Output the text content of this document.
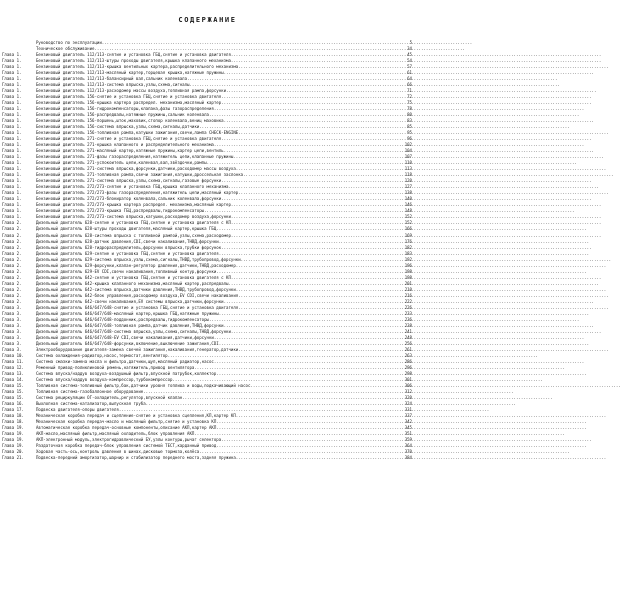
СОДЕРЖАНИЕ
Руководство по эксплуатации .....	5
Техническое обслуживание .....	34
Глава 1.	Бензиновый двигатель 112/113-снятие и установка ГБЦ,снятие и установка двигателя .....	45
Глава 1.	Бензиновый двигатель 112/113-штуры проходы двигателя,крышка клапанного механизма .....	54
Глава 1.	Бензиновый двигатель 112/113-крышка вентильных картера,распределительного механизма .....	57
Глава 1.	Бензиновый двигатель 112/113-масляный картер,торцевая крышка,натяжные пружины .....	61
Глава 1.	Бензиновый двигатель 112/113-балансирный вал,сальник коленвала .....	64
Глава 1.	Бензиновый двигатель 112/113-система впрыска,узлы,схема,сигналы .....	66
Глава 1.	Бензиновый двигатель 112/113-расходомер массы воздуха,топливная рампа,форсунки .....	71
Глава 1.	Бензиновый двигатель 156-снятие и установка ГБЦ,снятие и установка двигателя .....	72
Глава 1.	Бензиновый двигатель 156-крышка картера распредел. механизма,масляный картер .....	75
Глава 1.	Бензиновый двигатель 156-гидрокомпенсаторы,клапана,фазы газораспределения .....	78
Глава 1.	Бензиновый двигатель 156-распредвалы,натяжные пружины,сальник коленвала .....	80
Глава 1.	Бензиновый двигатель 156-поршень,шток,маховик,стопор коленвала,вениц маховика .....	83
Глава 1.	Бензиновый двигатель 156-система впрыска,узлы,схема,сигналы,датчики .....	85
Глава 1.	Бензиновый двигатель 156-топливная рампа,катушки зажигания,свечи,лампа CHECK-ENGINE .....	95
Глава 1.	Бензиновый двигатель 271-снятие и установка ГБЦ,снятие и установка двигателя .....	96
Глава 1.	Бензиновый двигатель 271-крышка клапанного и распределительного механизма .....	102
Глава 1.	Бензиновый двигатель 271-масляный картер,натяжные пружины,картер цепи,вентиль .....	104
Глава 1.	Бензиновый двигатель 271-фазы газораспределения,натяжитель цепи,клапанные пружины .....	107
Глава 1.	Бензиновый двигатель 271-успокоитель цепи,коленвал,вал,звёздочки,рампы .....	110
Глава 1.	Бензиновый двигатель 271-система впрыска,форсунки,датчики,расходомер массы воздуха .....	113
Глава 1.	Бензиновый двигатель 271-топливная рампа,свечи зажигания,катушки,дроссельная заслонка .....	118
Глава 1.	Бензиновый двигатель 271-система впрыска,узлы,схема,сигналы,газовые форсунки .....	120
Глава 1.	Бензиновый двигатель 272/273-снятие и установка ГБЦ,крышка клапанного механизма .....	127
Глава 1.	Бензиновый двигатель 272/273-фазы газораспределения,натяжитель цепи,масляный картер .....	138
Глава 1.	Бензиновый двигатель 272/273-блокиратор коленвала,сальник коленвала,форсунки .....	140
Глава 1.	Бензиновый двигатель 272/273-крышка картера распредел. механизма,масляный картер .....	146
Глава 1.	Бензиновый двигатель 272/273-крышка ГБЦ,распредвалы,гидрокомпенсаторы .....	148
Глава 1.	Бензиновый двигатель 272/273-система впрыска,катушки,расходомер воздуха,форсунки .....	152
Глава 2.	Дизельный двигатель 628-снятие и установка ГБЦ,снятие и установка двигателя с КП .....	152
Глава 2.	Дизельный двигатель 628-штуры проходы двигателя,масляный картер,крышка ГБЦ .....	166
Глава 2.	Дизельный двигатель 628-система впрыска с топливной рампой,узлы,схема,расходомер .....	169
Глава 2.	Дизельный двигатель 628-датчик давления,CDI,свечи накаливания,ТНВД,форсунки .....	176
Глава 2.	Дизельный двигатель 628-гидрораспределитель,форсунки впрыска,трубки форсунок .....	182
Глава 2.	Дизельный двигатель 629-снятие и установка ГБЦ,снятие и установка двигателя .....	183
Глава 2.	Дизельный двигатель 629-система впрыска,узлы,схема,сигналы,ТНВД,трубопровод,форсунки .....	192
Глава 2.	Дизельный двигатель 629-форсунки,клапан-регулятор давления,датчики,ТНВД,расходомер .....	196
Глава 2.	Дизельный двигатель 629-EV CDI,свечи накаливания,топливный контур,форсунки .....	198
Глава 2.	Дизельный двигатель 642-снятие и установка ГБЦ,снятие и установка двигателя с КП .....	198
Глава 2.	Дизельный двигатель 642-крышка клапанного механизма,масляный картер,распредвалы .....	201
Глава 2.	Дизельный двигатель 642-система впрыска,датчики давления,ТНВД,трубопровод,форсунки .....	210
Глава 2.	Дизельный двигатель 642-блок управления,расходомер воздуха,EV CDI,свечи накаливания .....	216
Глава 2.	Дизельный двигатель 642-свечи накаливания,EV системы впрыска,датчики,форсунки .....	222
Глава 3.	Дизельный двигатель 646/647/648-снятие и установка ГБЦ,снятие и установка двигателя .....	226
Глава 3.	Дизельный двигатель 646/647/648-масляный картер,крышка ГБЦ,натяжные пружины .....	233
Глава 3.	Дизельный двигатель 646/647/648-поддонник,распредвалы,гидрокомпенсаторы .....	236
Глава 3.	Дизельный двигатель 646/647/648-топливная рампа,датчик давления,ТНВД,форсунки .....	238
Глава 3.	Дизельный двигатель 646/647/648-система впрыска,узлы,схема,сигналы,ТНВД,форсунки .....	241
Глава 3.	Дизельный двигатель 646/647/648-EV CDI,свечи накаливания,датчики,форсунки .....	248
Глава 3.	Дизельный двигатель 646/647/648-форсунки,включение,выключение зажигания,CDI .....	256
Глава 3.	Электрооборудование двигателя-замена свечей зажигания,накаливания,генератор,датчики .....	261
Глава 10.	Система охлаждения-радиатор,насос,термостат,вентилятор .....	263
Глава 11.	Система смазки-замена масла и фильтра,датчики,щуп,масляный радиатор,насос .....	286
Глава 12.	Ременный привод-поликлиновой ремень,натяжитель,привод вентилятора .....	296
Глава 13.	Система впуска/наддув воздуха-воздушный фильтр,впускной патрубок,коллектор .....	298
Глава 14.	Система впуска/наддув воздуха-компрессор,турбокомпрессор .....	301
Глава 15.	Топливная система-топливный фильтр,бак,датчики уровня топлива и воды,подкачивающий насос .....	306
Глава 15.	Топливная система-газобаллонное оборудование .....	312
Глава 15.	Система рециркуляции ОГ-охладитель,регулятор,впускной клапан .....	320
Глава 16.	Выхлопная система-катализатор,выпускная труба .....	324
Глава 17.	Подвеска двигателя-опоры двигателя .....	331
Глава 18.	Механическая коробка передач и сцепление-снятие и установка сцепления,КП,картер КП .....	337
Глава 18.	Механическая коробка передач-масло и масляный фильтр,снятие и установка КП .....	342
Глава 19.	Автоматическая коробка передач-основные компоненты,описание АКП,картер АКП .....	345
Глава 19.	АКП-масло,масляный фильтр,масляный охладитель,блок управления АКП .....	351
Глава 19.	АКП-электронный модуль,электрогидравлический БУ,узлы контуры,рычаг селектора .....	359
Глава 19.	Раздаточная коробка передач-блок управления системой ТЕСТ,карданный привод .....	364
Глава 20.	Ходовая часть-ось,контроль давления в шинах,дисковые тормоза,колёса .....	370
Глава 21.	Подвеска-передний амортизатор,шарнир и стабилизатор переднего моста,задняя пружина .....	384
